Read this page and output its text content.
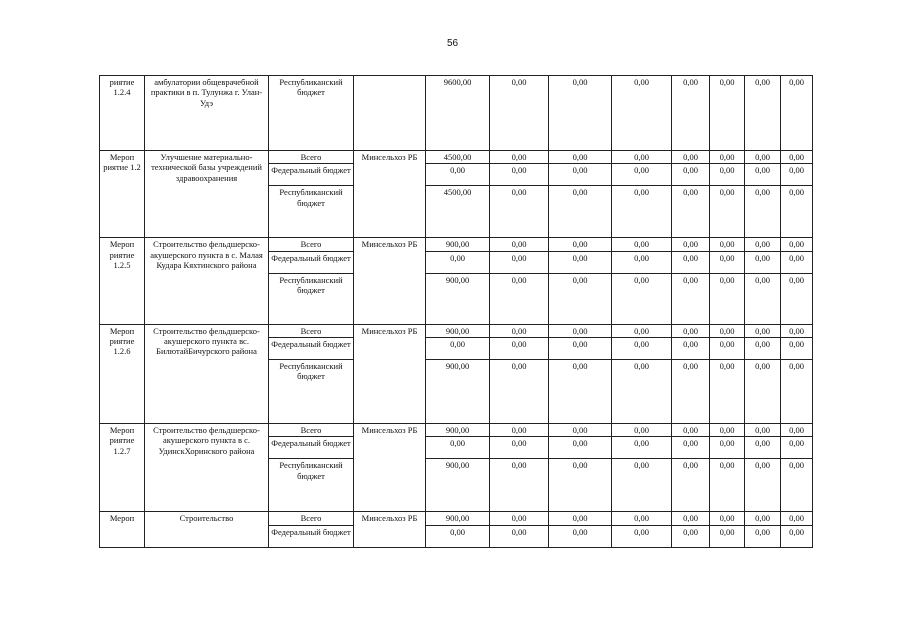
56
риятие 1.2.4	амбулатории общеврачебной практики в п. Тулунжа г. Улан-Удэ	Республиканский бюджет		9600,00	0,00	0,00	0,00	0,00	0,00	0,00	0,00
Мероп риятие 1.2	Улучшение материально-технической базы учреждений здравоохранения	Всего	Минсельхоз РБ	4500,00	0,00	0,00	0,00	0,00	0,00	0,00	0,00
		Федеральный бюджет		0,00	0,00	0,00	0,00	0,00	0,00	0,00	0,00
		Республиканский бюджет		4500,00	0,00	0,00	0,00	0,00	0,00	0,00	0,00
Мероп риятие 1.2.5	Строительство фельдшерско-акушерского пункта в с. Малая Кудара Кяхтинского района	Всего	Минсельхоз РБ	900,00	0,00	0,00	0,00	0,00	0,00	0,00	0,00
		Федеральный бюджет		0,00	0,00	0,00	0,00	0,00	0,00	0,00	0,00
		Республиканский бюджет		900,00	0,00	0,00	0,00	0,00	0,00	0,00	0,00
Мероп риятие 1.2.6	Строительство фельдшерско-акушерского пункта вс. БилютайБичурского района	Всего	Минсельхоз РБ	900,00	0,00	0,00	0,00	0,00	0,00	0,00	0,00
		Федеральный бюджет		0,00	0,00	0,00	0,00	0,00	0,00	0,00	0,00
		Республиканский бюджет		900,00	0,00	0,00	0,00	0,00	0,00	0,00	0,00
Мероп риятие 1.2.7	Строительство фельдшерско-акушерского пункта в с. УдинскХоринского района	Всего	Минсельхоз РБ	900,00	0,00	0,00	0,00	0,00	0,00	0,00	0,00
		Федеральный бюджет		0,00	0,00	0,00	0,00	0,00	0,00	0,00	0,00
		Республиканский бюджет		900,00	0,00	0,00	0,00	0,00	0,00	0,00	0,00
Мероп	Строительство	Всего	Минсельхоз РБ	900,00	0,00	0,00	0,00	0,00	0,00	0,00	0,00
		Федеральный бюджет		0,00	0,00	0,00	0,00	0,00	0,00	0,00	0,00
